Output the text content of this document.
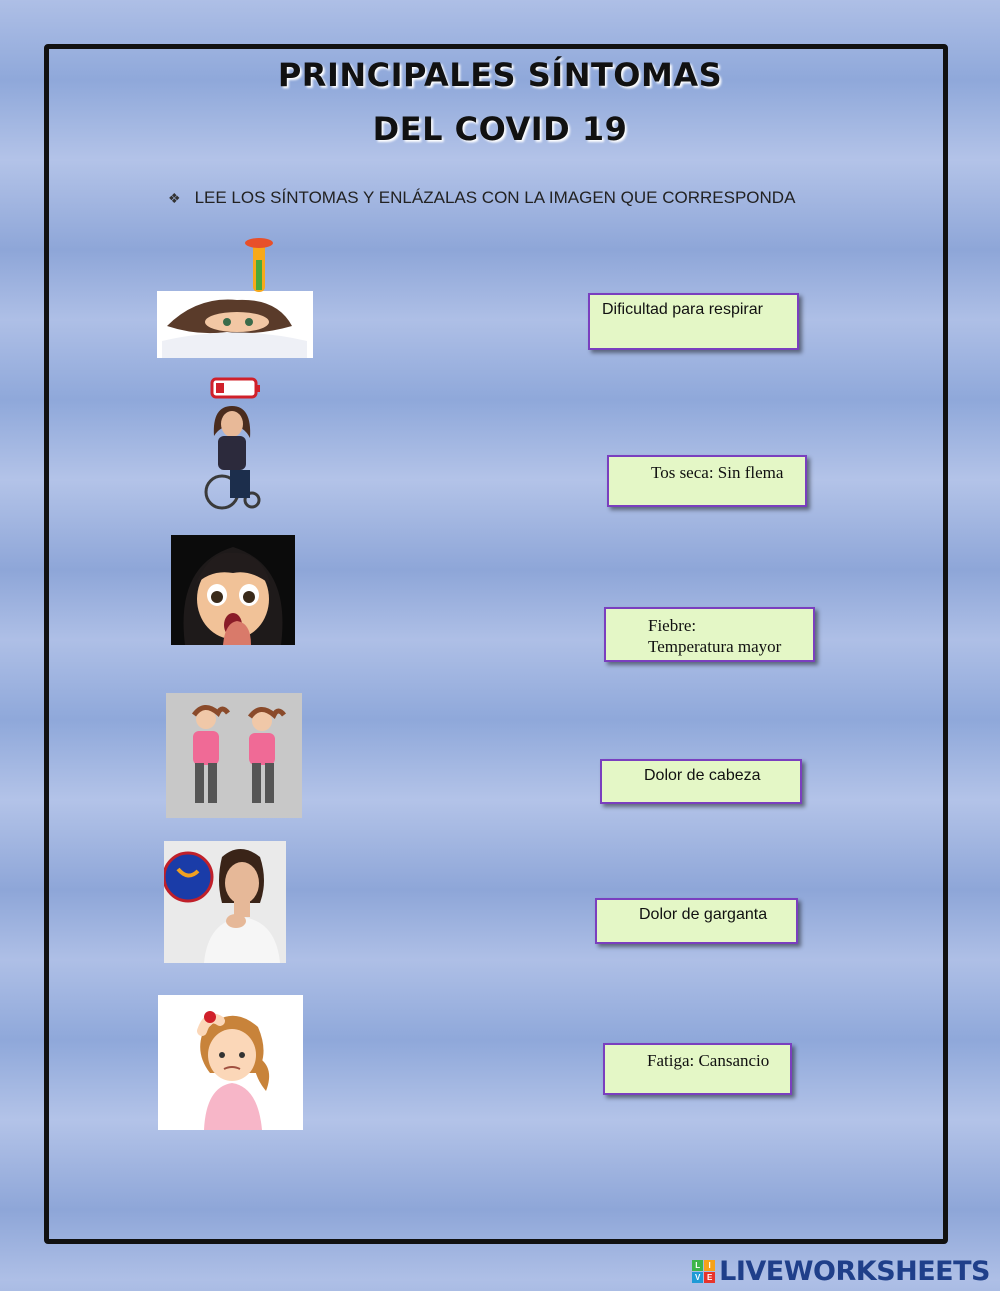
PRINCIPALES SÍNTOMAS
DEL COVID 19
❖ LEE LOS SÍNTOMAS Y ENLÁZALAS CON LA IMAGEN QUE CORRESPONDA
Dificultad para respirar
Tos seca: Sin flema
Fiebre:
Temperatura mayor
Dolor de cabeza
Dolor de garganta
Fatiga: Cansancio
L	I
V E LIVEWORKSHEETS
